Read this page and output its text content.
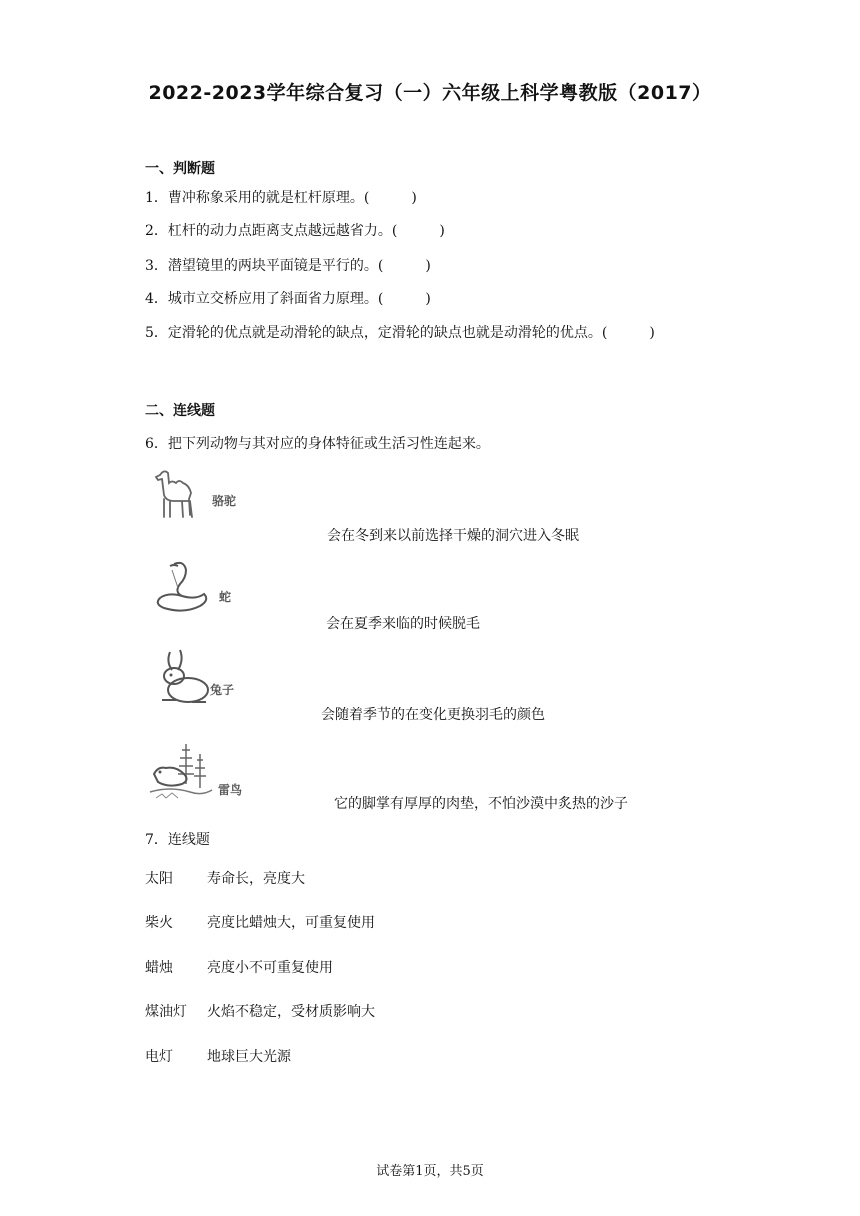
2022-2023学年综合复习（一）六年级上科学粤教版（2017）
一、判断题
1．曹冲称象采用的就是杠杆原理。(　　　)
2．杠杆的动力点距离支点越远越省力。(　　　)
3．潜望镜里的两块平面镜是平行的。(　　　)
4．城市立交桥应用了斜面省力原理。(　　　)
5．定滑轮的优点就是动滑轮的缺点，定滑轮的缺点也就是动滑轮的优点。(　　　)
二、连线题
6．把下列动物与其对应的身体特征或生活习性连起来。
骆驼
会在冬到来以前选择干燥的洞穴进入冬眠
蛇
会在夏季来临的时候脱毛
兔子
会随着季节的在变化更换羽毛的颜色
雷鸟
它的脚掌有厚厚的肉垫，不怕沙漠中炙热的沙子
7．连线题
太阳 寿命长，亮度大
柴火 亮度比蜡烛大，可重复使用
蜡烛 亮度小不可重复使用
煤油灯 火焰不稳定，受材质影响大
电灯 地球巨大光源
试卷第1页，共5页
